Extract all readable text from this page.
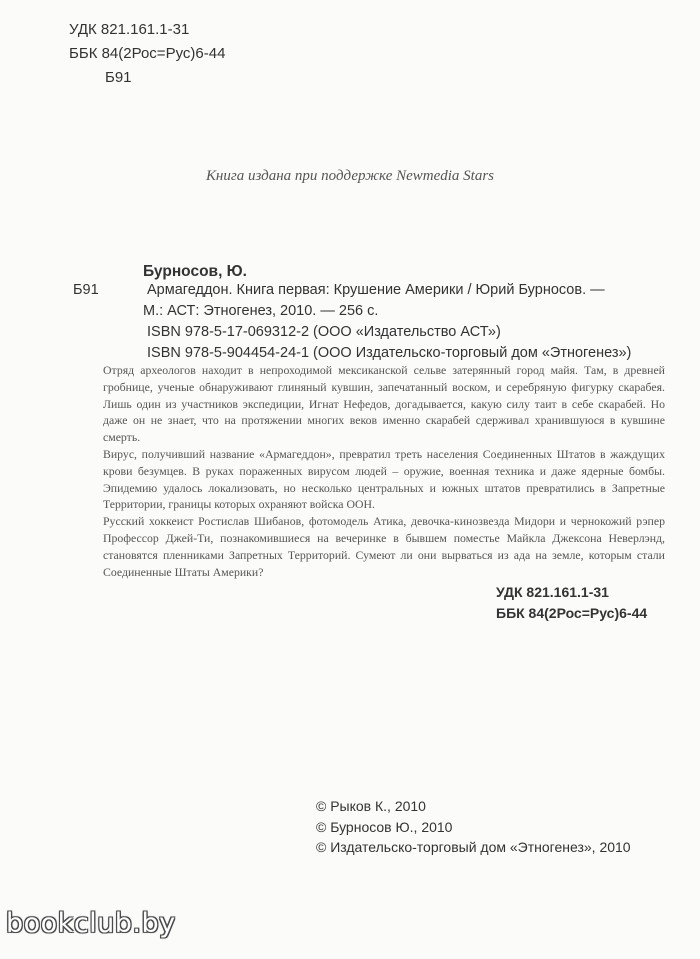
УДК 821.161.1-31
ББК 84(2Рос=Рус)6-44
Б91
Книга издана при поддержке Newmedia Stars
Бурносов, Ю.
Б91	Армагеддон. Книга первая: Крушение Америки / Юрий Бурносов. —
М.: АСТ: Этногенез, 2010. — 256 с.
ISBN 978-5-17-069312-2 (ООО «Издательство АСТ»)
ISBN 978-5-904454-24-1 (ООО Издательско-торговый дом «Этногенез»)

Отряд археологов находит в непроходимой мексиканской сельве затерянный город майя. Там, в древней гробнице, ученые обнаруживают глиняный кувшин, запечатанный воском, и серебряную фигурку скарабея. Лишь один из участников экспедиции, Игнат Нефедов, догадывается, какую силу таит в себе скарабей. Но даже он не знает, что на протяжении многих веков именно скарабей сдерживал хранившуюся в кувшине смерть.

Вирус, получивший название «Армагеддон», превратил треть населения Соединенных Штатов в жаждущих крови безумцев. В руках пораженных вирусом людей – оружие, военная техника и даже ядерные бомбы. Эпидемию удалось локализовать, но несколько центральных и южных штатов превратились в Запретные Территории, границы которых охраняют войска ООН.

Русский хоккеист Ростислав Шибанов, фотомодель Атика, девочка-кинозвезда Мидори и чернокожий рэпер Профессор Джей-Ти, познакомившиеся на вечеринке в бывшем поместье Майкла Джексона Неверлэнд, становятся пленниками Запретных Территорий. Сумеют ли они вырваться из ада на земле, которым стали Соединенные Штаты Америки?

УДК 821.161.1-31
ББК 84(2Рос=Рус)6-44
© Рыков К., 2010
© Бурносов Ю., 2010
© Издательско-торговый дом «Этногенез», 2010
bookclub.by
